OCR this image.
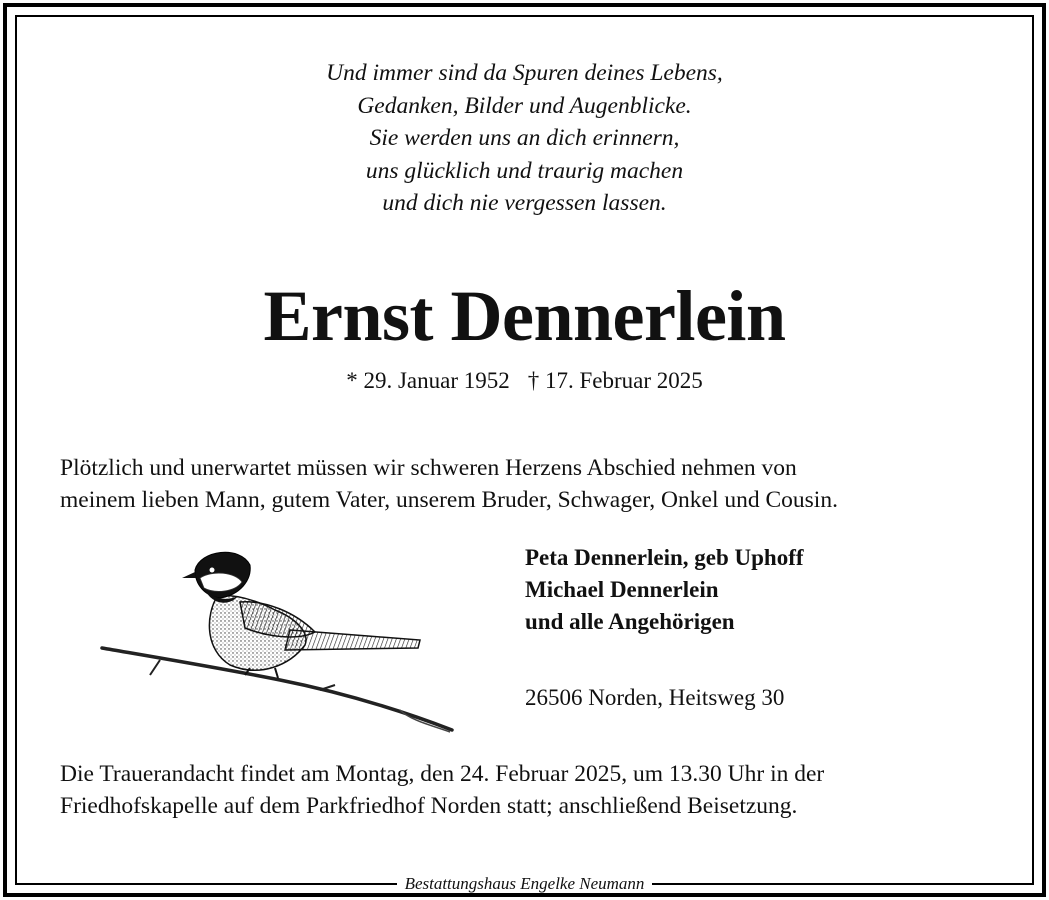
Und immer sind da Spuren deines Lebens,
Gedanken, Bilder und Augenblicke.
Sie werden uns an dich erinnern,
uns glücklich und traurig machen
und dich nie vergessen lassen.
Ernst Dennerlein
* 29. Januar 1952 † 17. Februar 2025
Plötzlich und unerwartet müssen wir schweren Herzens Abschied nehmen von
meinem lieben Mann, gutem Vater, unserem Bruder, Schwager, Onkel und Cousin.
Peta Dennerlein, geb Uphoff
Michael Dennerlein
und alle Angehörigen
26506 Norden, Heitsweg 30
Die Trauerandacht findet am Montag, den 24. Februar 2025, um 13.30 Uhr in der
Friedhofskapelle auf dem Parkfriedhof Norden statt; anschließend Beisetzung.
Bestattungshaus Engelke Neumann
